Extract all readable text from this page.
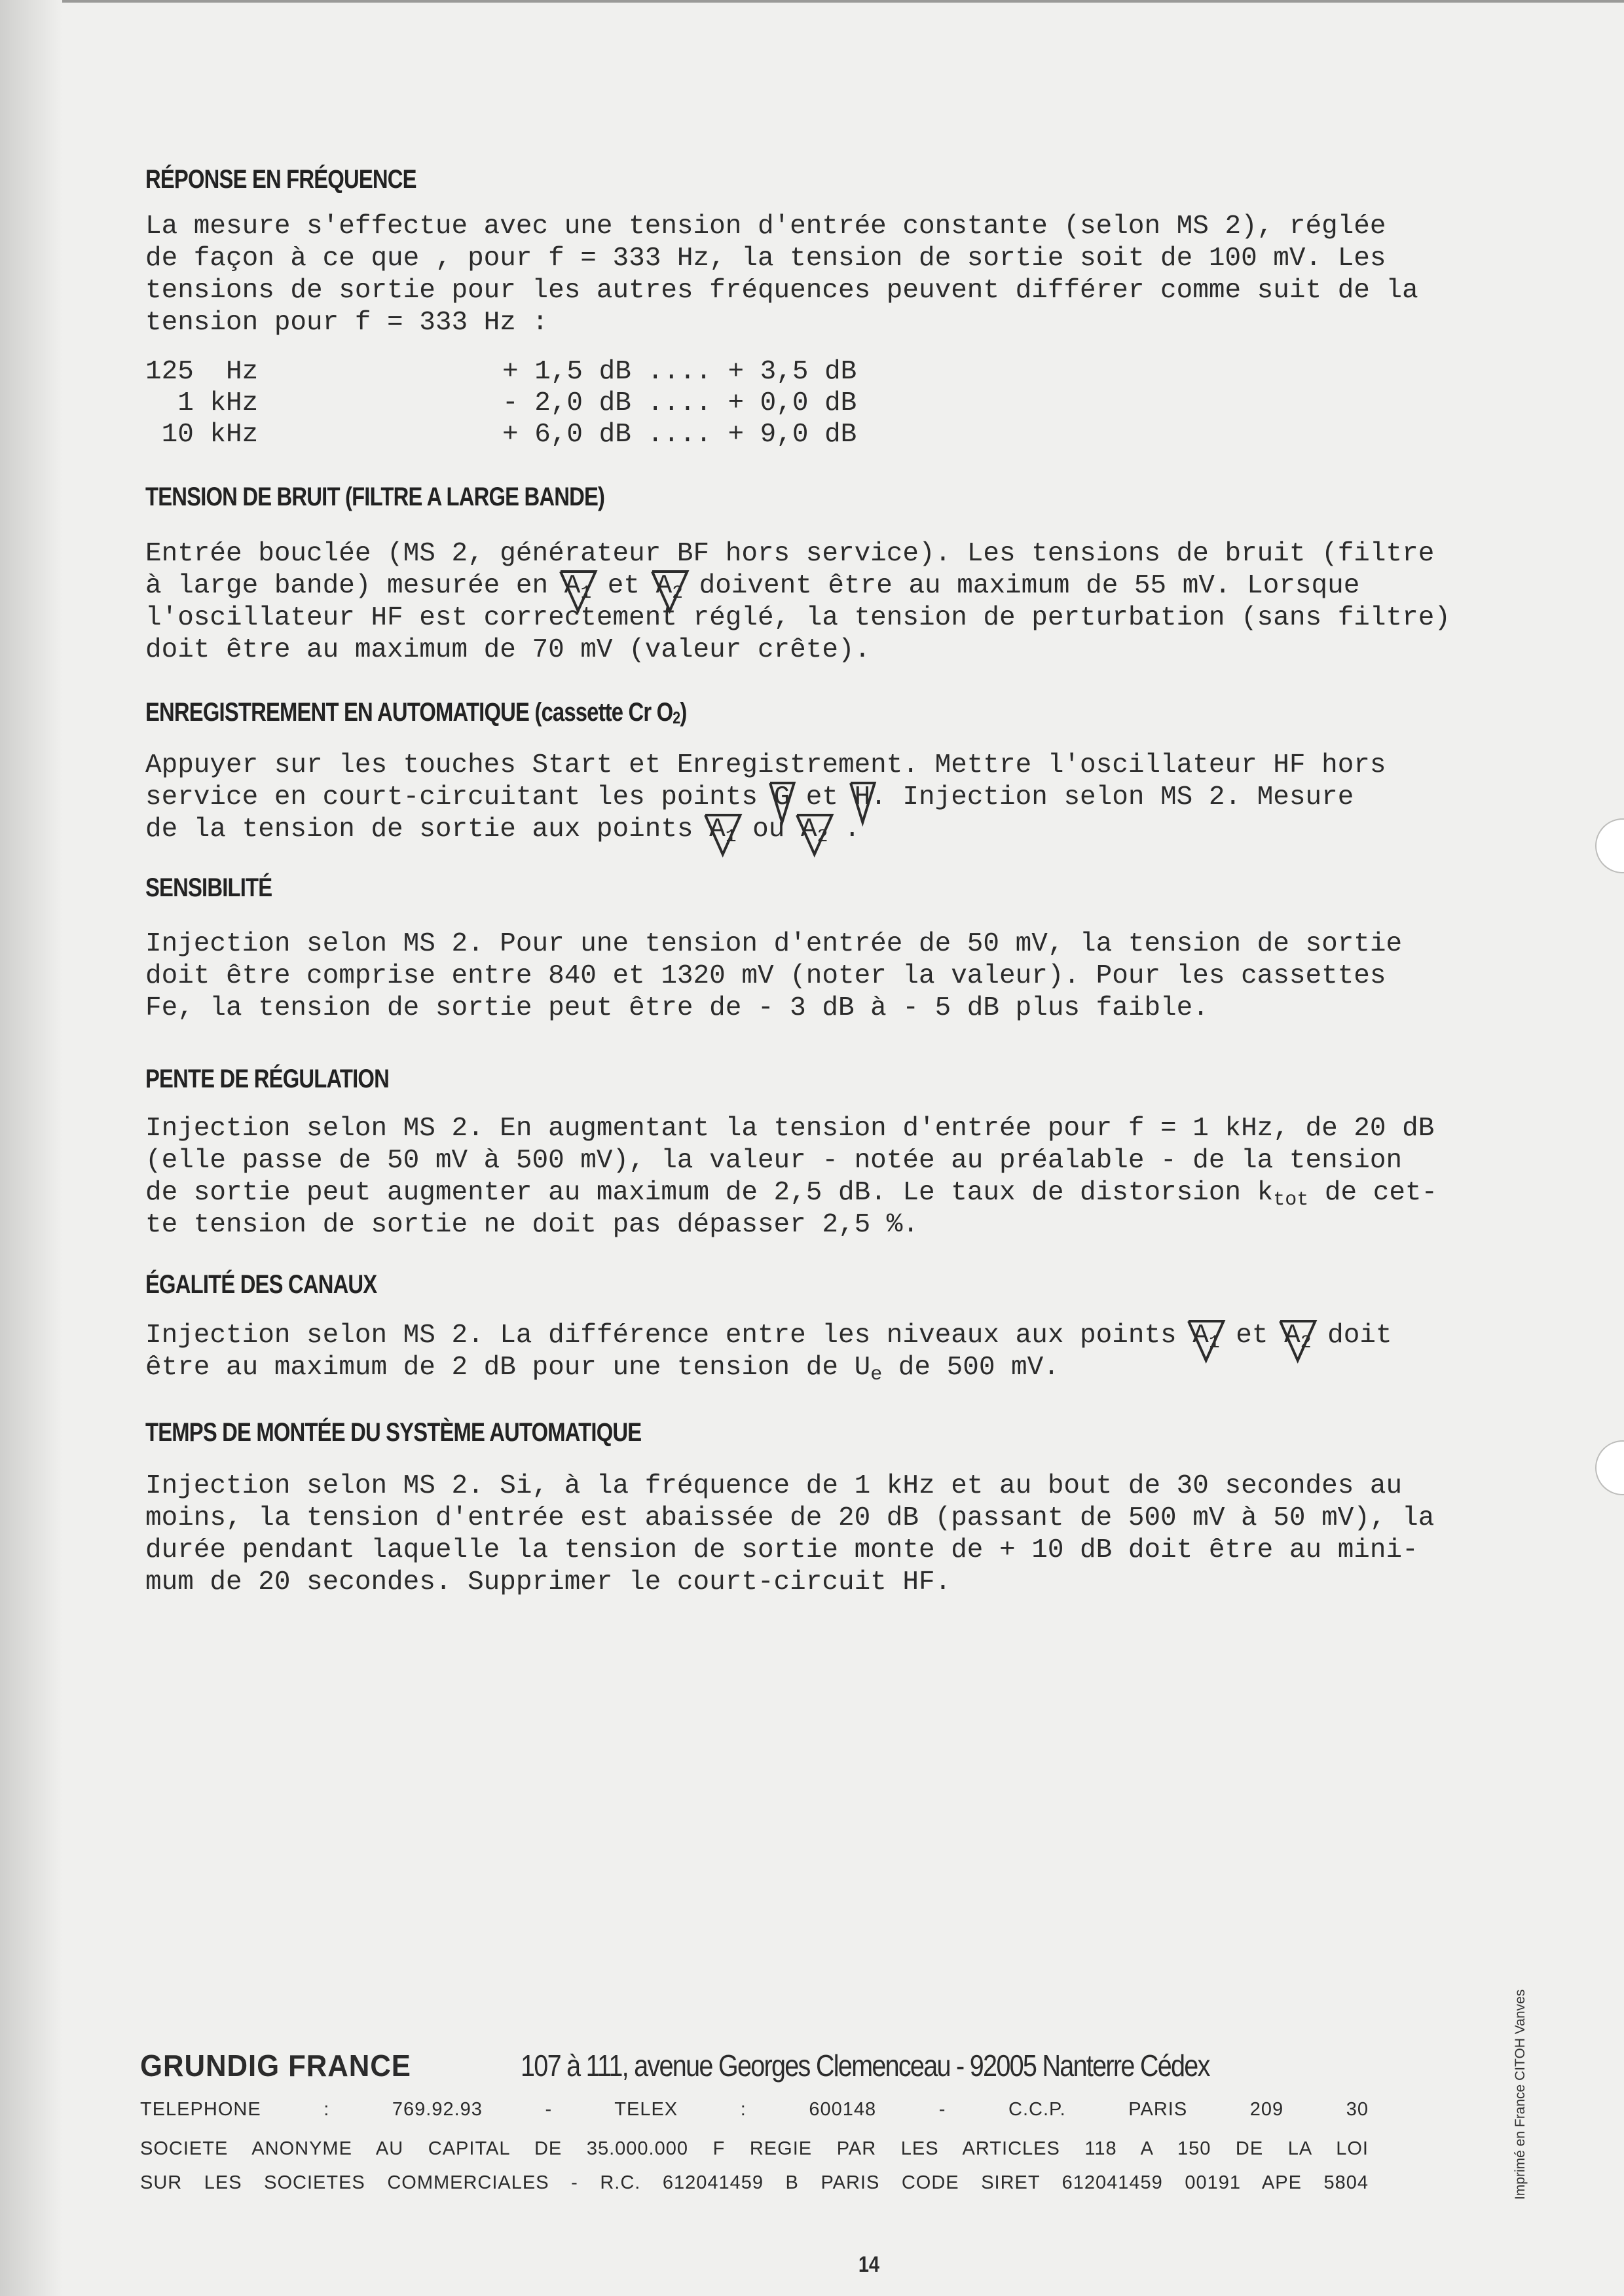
RÉPONSE EN FRÉQUENCE
La mesure s'effectue avec une tension d'entrée constante (selon MS 2), réglée
de façon à ce que , pour f = 333 Hz, la tension de sortie soit de 100 mV. Les
tensions de sortie pour les autres fréquences peuvent différer comme suit de la
tension pour f = 333 Hz :
125  Hz	+ 1,5 dB .... + 3,5 dB
1 kHz	- 2,0 dB .... + 0,0 dB
10 kHz	+ 6,0 dB .... + 9,0 dB
TENSION DE BRUIT (FILTRE A LARGE BANDE)
Entrée bouclée (MS 2, générateur BF hors service). Les tensions de bruit (filtre
à large bande) mesurée en
$A_1$ et
$A_2$ doivent être au maximum de 55 mV. Lorsque
l'oscillateur HF est correctement réglé, la tension de perturbation (sans filtre)
doit être au maximum de 70 mV (valeur crête).
ENREGISTREMENT EN AUTOMATIQUE (cassette Cr $O_2$)
Appuyer sur les touches Start et Enregistrement. Mettre l'oscillateur HF hors
service en court-circuitant les points
G et
H. Injection selon MS 2. Mesure
de la tension de sortie aux points
$A_1$ ou
$A_2$ .
SENSIBILITÉ
Injection selon MS 2. Pour une tension d'entrée de 50 mV, la tension de sortie
doit être comprise entre 840 et 1320 mV (noter la valeur). Pour les cassettes
Fe, la tension de sortie peut être de - 3 dB à - 5 dB plus faible.
PENTE DE RÉGULATION
Injection selon MS 2. En augmentant la tension d'entrée pour f = 1 kHz, de 20 dB
(elle passe de 50 mV à 500 mV), la valeur - notée au préalable - de la tension
de sortie peut augmenter au maximum de 2,5 dB. Le taux de distorsion $k_{tot}$ de cet-
te tension de sortie ne doit pas dépasser 2,5 %.
ÉGALITÉ DES CANAUX
Injection selon MS 2. La différence entre les niveaux aux points
$A_1$ et
$A_2$ doit
être au maximum de 2 dB pour une tension de $U_e$ de 500 mV.
TEMPS DE MONTÉE DU SYSTÈME AUTOMATIQUE
Injection selon MS 2. Si, à la fréquence de 1 kHz et au bout de 30 secondes au
moins, la tension d'entrée est abaissée de 20 dB (passant de 500 mV à 50 mV), la
durée pendant laquelle la tension de sortie monte de + 10 dB doit être au mini-
mum de 20 secondes. Supprimer le court-circuit HF.
GRUNDIG FRANCE	107 à 111, avenue Georges Clemenceau - 92005 Nanterre Cédex
TELEPHONE	:	769.92.93	-	TELEX	:	600148	-	C.C.P.	PARIS	209 30
SOCIETE ANONYME AU CAPITAL DE 35.000.000 F REGIE PAR LES ARTICLES 118 A 150 DE LA LOI
SUR LES SOCIETES COMMERCIALES - R.C. 612041459 B PARIS CODE SIRET 612041459 00191 APE 5804
14
Imprimé en France CITOH Vanves
